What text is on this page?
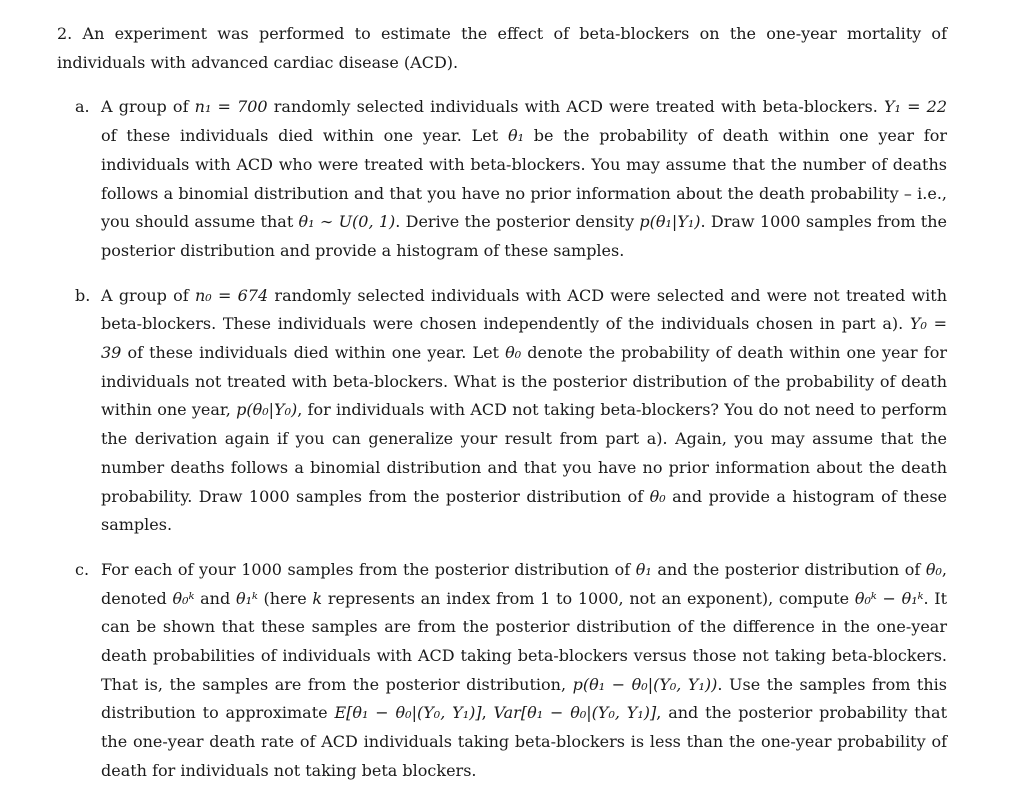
2. An experiment was performed to estimate the effect of beta-blockers on the one-year mortality of individuals with advanced cardiac disease (ACD).

a. A group of n₁ = 700 randomly selected individuals with ACD were treated with beta-blockers. Y₁ = 22 of these individuals died within one year. Let θ₁ be the probability of death within one year for individuals with ACD who were treated with beta-blockers. You may assume that the number of deaths follows a binomial distribution and that you have no prior information about the death probability – i.e., you should assume that θ₁ ∼ U(0, 1). Derive the posterior density p(θ₁|Y₁). Draw 1000 samples from the posterior distribution and provide a histogram of these samples.
b. A group of n₀ = 674 randomly selected individuals with ACD were selected and were not treated with beta-blockers. These individuals were chosen independently of the individuals chosen in part a). Y₀ = 39 of these individuals died within one year. Let θ₀ denote the probability of death within one year for individuals not treated with beta-blockers. What is the posterior distribution of the probability of death within one year, p(θ₀|Y₀), for individuals with ACD not taking beta-blockers? You do not need to perform the derivation again if you can generalize your result from part a). Again, you may assume that the number deaths follows a binomial distribution and that you have no prior information about the death probability. Draw 1000 samples from the posterior distribution of θ₀ and provide a histogram of these samples.
c. For each of your 1000 samples from the posterior distribution of θ₁ and the posterior distribution of θ₀, denoted θ₀ᵏ and θ₁ᵏ (here k represents an index from 1 to 1000, not an exponent), compute θ₀ᵏ − θ₁ᵏ. It can be shown that these samples are from the posterior distribution of the difference in the one-year death probabilities of individuals with ACD taking beta-blockers versus those not taking beta-blockers. That is, the samples are from the posterior distribution, p(θ₁ − θ₀|(Y₀, Y₁)). Use the samples from this distribution to approximate E[θ₁ − θ₀|(Y₀, Y₁)], Var[θ₁ − θ₀|(Y₀, Y₁)], and the posterior probability that the one-year death rate of ACD individuals taking beta-blockers is less than the one-year probability of death for individuals not taking beta blockers.
